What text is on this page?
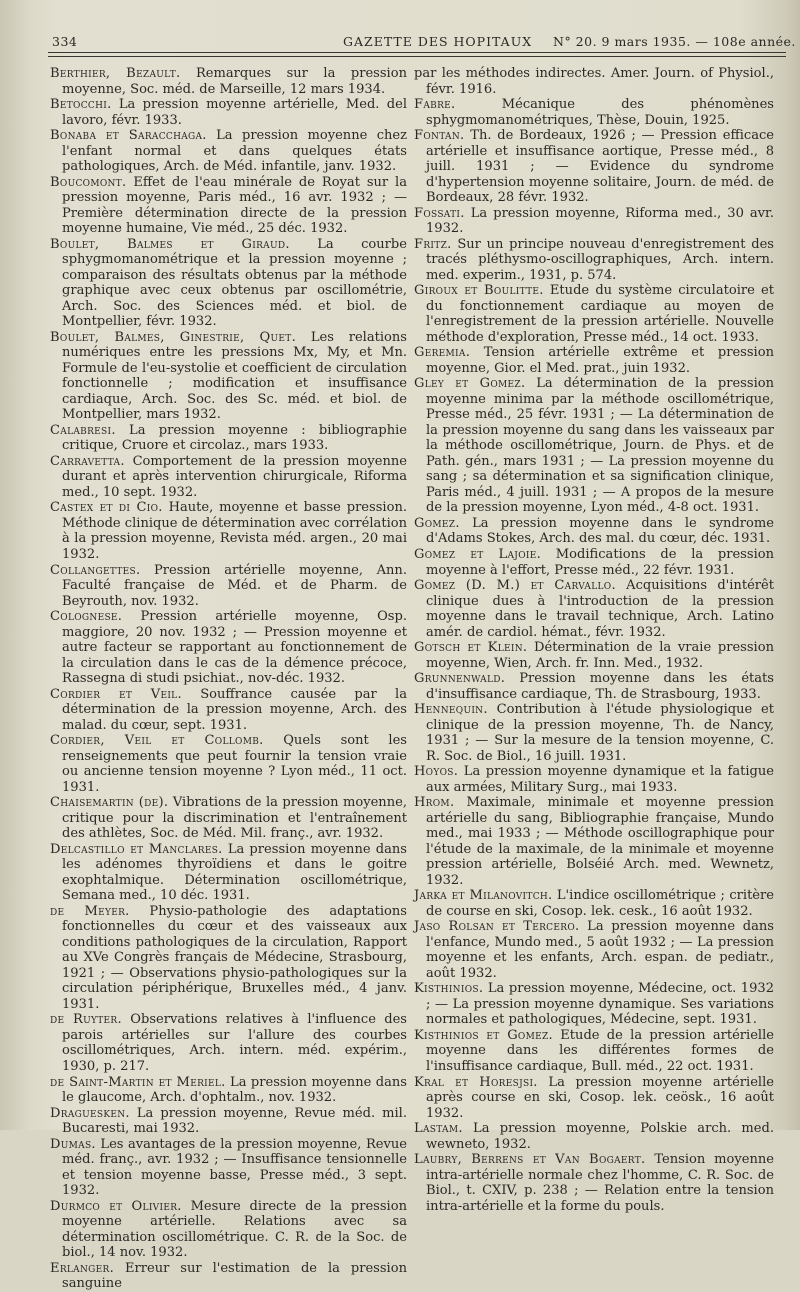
334	GAZETTE DES HOPITAUX N° 20. 9 mars 1935. — 108e année.

Berthier, Bezault. Remarques sur la pression moyenne, Soc. méd. de Marseille, 12 mars 1934.

Betocchi. La pression moyenne artérielle, Med. del lavoro, févr. 1933.

Bonaba et Saracchaga. La pression moyenne chez l'enfant normal et dans quelques états pathologiques, Arch. de Méd. infantile, janv. 1932.

Boucomont. Effet de l'eau minérale de Royat sur la pression moyenne, Paris méd., 16 avr. 1932 ; — Première détermination directe de la pression moyenne humaine, Vie méd., 25 déc. 1932.

Boulet, Balmes et Giraud. La courbe sphygmomanométrique et la pression moyenne ; comparaison des résultats obtenus par la méthode graphique avec ceux obtenus par oscillométrie, Arch. Soc. des Sciences méd. et biol. de Montpellier, févr. 1932.

Boulet, Balmes, Ginestrie, Quet. Les relations numériques entre les pressions Mx, My, et Mn. Formule de l'eu-systolie et coefficient de circulation fonctionnelle ; modification et insuffisance cardiaque, Arch. Soc. des Sc. méd. et biol. de Montpellier, mars 1932.

Calabresi. La pression moyenne : bibliographie critique, Cruore et circolaz., mars 1933.

Carravetta. Comportement de la pression moyenne durant et après intervention chirurgicale, Riforma med., 10 sept. 1932.

Castex et di Cio. Haute, moyenne et basse pression. Méthode clinique de détermination avec corrélation à la pression moyenne, Revista méd. argen., 20 mai 1932.

Collangettes. Pression artérielle moyenne, Ann. Faculté française de Méd. et de Pharm. de Beyrouth, nov. 1932.

Colognese. Pression artérielle moyenne, Osp. maggiore, 20 nov. 1932 ; — Pression moyenne et autre facteur se rapportant au fonctionnement de la circulation dans le cas de la démence précoce, Rassegna di studi psichiat., nov-déc. 1932.

Cordier et Veil. Souffrance causée par la détermination de la pression moyenne, Arch. des malad. du cœur, sept. 1931.

Cordier, Veil et Collomb. Quels sont les renseignements que peut fournir la tension vraie ou ancienne tension moyenne ? Lyon méd., 11 oct. 1931.

Chaisemartin (de). Vibrations de la pression moyenne, critique pour la discrimination et l'entraînement des athlètes, Soc. de Méd. Mil. franç., avr. 1932.

Delcastillo et Manclares. La pression moyenne dans les adénomes thyroïdiens et dans le goitre exophtalmique. Détermination oscillométrique, Semana med., 10 déc. 1931.

de Meyer. Physio-pathologie des adaptations fonctionnelles du cœur et des vaisseaux aux conditions pathologiques de la circulation, Rapport au XVe Congrès français de Médecine, Strasbourg, 1921 ; — Observations physio-pathologiques sur la circulation périphérique, Bruxelles méd., 4 janv. 1931.

de Ruyter. Observations relatives à l'influence des parois artérielles sur l'allure des courbes oscillométriques, Arch. intern. méd. expérim., 1930, p. 217.

de Saint-Martin et Meriel. La pression moyenne dans le glaucome, Arch. d'ophtalm., nov. 1932.

Draguesken. La pression moyenne, Revue méd. mil. Bucaresti, mai 1932.

Dumas. Les avantages de la pression moyenne, Revue méd. franç., avr. 1932 ; — Insuffisance tensionnelle et tension moyenne basse, Presse méd., 3 sept. 1932.

Durmco et Olivier. Mesure directe de la pression moyenne artérielle. Relations avec sa détermination oscillométrique. C. R. de la Soc. de biol., 14 nov. 1932.

Erlanger. Erreur sur l'estimation de la pression sanguine

par les méthodes indirectes. Amer. Journ. of Physiol., févr. 1916.

Fabre. Mécanique des phénomènes sphygmomanométriques, Thèse, Douin, 1925.

Fontan. Th. de Bordeaux, 1926 ; — Pression efficace artérielle et insuffisance aortique, Presse méd., 8 juill. 1931 ; — Evidence du syndrome d'hypertension moyenne solitaire, Journ. de méd. de Bordeaux, 28 févr. 1932.

Fossati. La pression moyenne, Riforma med., 30 avr. 1932.

Fritz. Sur un principe nouveau d'enregistrement des tracés pléthysmo-oscillographiques, Arch. intern. med. experim., 1931, p. 574.

Giroux et Boulitte. Etude du système circulatoire et du fonctionnement cardiaque au moyen de l'enregistrement de la pression artérielle. Nouvelle méthode d'exploration, Presse méd., 14 oct. 1933.

Geremia. Tension artérielle extrême et pression moyenne, Gior. el Med. prat., juin 1932.

Gley et Gomez. La détermination de la pression moyenne minima par la méthode oscillométrique, Presse méd., 25 févr. 1931 ; — La détermination de la pression moyenne du sang dans les vaisseaux par la méthode oscillométrique, Journ. de Phys. et de Path. gén., mars 1931 ; — La pression moyenne du sang ; sa détermination et sa signification clinique, Paris méd., 4 juill. 1931 ; — A propos de la mesure de la pression moyenne, Lyon méd., 4-8 oct. 1931.

Gomez. La pression moyenne dans le syndrome d'Adams Stokes, Arch. des mal. du cœur, déc. 1931.

Gomez et Lajoie. Modifications de la pression moyenne à l'effort, Presse méd., 22 févr. 1931.

Gomez (D. M.) et Carvallo. Acquisitions d'intérêt clinique dues à l'introduction de la pression moyenne dans le travail technique, Arch. Latino amér. de cardiol. hémat., févr. 1932.

Gotsch et Klein. Détermination de la vraie pression moyenne, Wien, Arch. fr. Inn. Med., 1932.

Grunnenwald. Pression moyenne dans les états d'insuffisance cardiaque, Th. de Strasbourg, 1933.

Hennequin. Contribution à l'étude physiologique et clinique de la pression moyenne, Th. de Nancy, 1931 ; — Sur la mesure de la tension moyenne, C. R. Soc. de Biol., 16 juill. 1931.

Hoyos. La pression moyenne dynamique et la fatigue aux armées, Military Surg., mai 1933.

Hrom. Maximale, minimale et moyenne pression artérielle du sang, Bibliographie française, Mundo med., mai 1933 ; — Méthode oscillographique pour l'étude de la maximale, de la minimale et moyenne pression artérielle, Bolséié Arch. med. Wewnetz, 1932.

Jarka et Milanovitch. L'indice oscillométrique ; critère de course en ski, Cosop. lek. cesk., 16 août 1932.

Jaso Rolsan et Tercero. La pression moyenne dans l'enfance, Mundo med., 5 août 1932 ; — La pression moyenne et les enfants, Arch. espan. de pediatr., août 1932.

Kisthinios. La pression moyenne, Médecine, oct. 1932 ; — La pression moyenne dynamique. Ses variations normales et pathologiques, Médecine, sept. 1931.

Kisthinios et Gomez. Etude de la pression artérielle moyenne dans les différentes formes de l'insuffisance cardiaque, Bull. méd., 22 oct. 1931.

Kral et Horesjsi. La pression moyenne artérielle après course en ski, Cosop. lek. ceösk., 16 août 1932.

Lastam. La pression moyenne, Polskie arch. med. wewneto, 1932.

Laubry, Berrens et Van Bogaert. Tension moyenne intra-artérielle normale chez l'homme, C. R. Soc. de Biol., t. CXIV, p. 238 ; — Relation entre la tension intra-artérielle et la forme du pouls.
